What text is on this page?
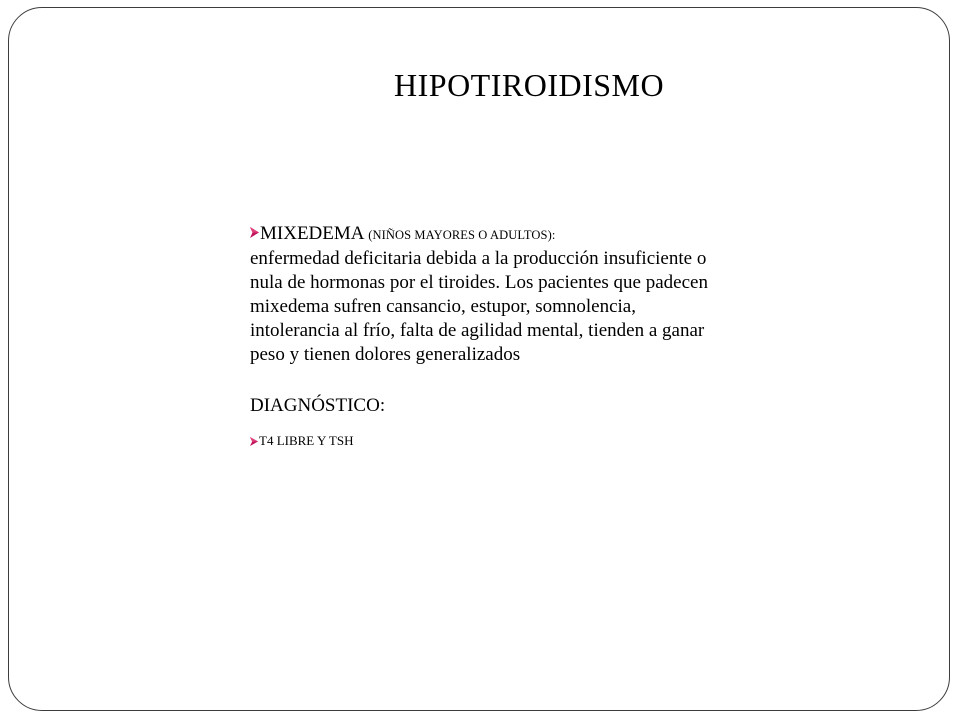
HIPOTIROIDISMO

MIXEDEMA (NIÑOS MAYORES O ADULTOS):
enfermedad deficitaria debida a la producción insuficiente o nula de hormonas por el tiroides. Los pacientes que padecen mixedema sufren cansancio, estupor, somnolencia, intolerancia al frío, falta de agilidad mental, tienden a ganar peso y tienen dolores generalizados

DIAGNÓSTICO:
T4 LIBRE Y TSH
